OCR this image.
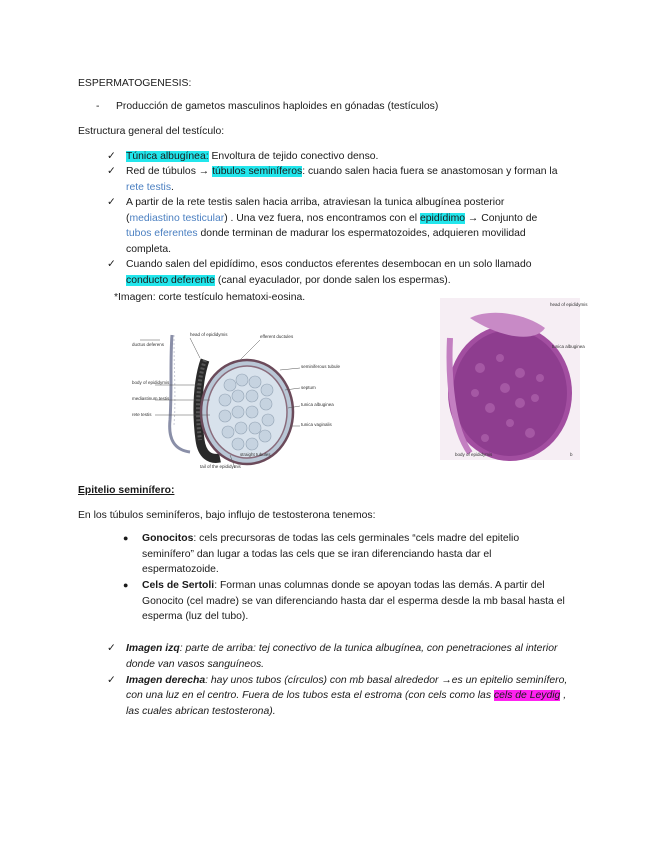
ESPERMATOGENESIS:
- Producción de gametos masculinos haploides en gónadas (testículos)
Estructura general del testículo:
✓ Túnica albugínea: Envoltura de tejido conectivo denso.
✓ Red de túbulos → túbulos seminíferos: cuando salen hacia fuera se anastomosan y forman la
rete testis.
✓ A partir de la rete testis salen hacia arriba, atraviesan la tunica albugínea posterior
(mediastino testicular) . Una vez fuera, nos encontramos con el epidídimo → Conjunto de
tubos eferentes donde terminan de madurar los espermatozoides, adquieren movilidad
completa.
✓ Cuando salen del epidídimo, esos conductos eferentes desembocan en un solo llamado
conducto deferente (canal eyaculador, por donde salen los espermas).
*Imagen: corte testículo hematoxi-eosina.
head of epididymis	efferent ductules
ductus deferens
seminiferous tubule
septum
body of epididymis
mediastinum testis
tunica albuginea
rete testis
tunica vaginalis
straight tubules
tail of the epididymis
head of epididymis
tunica albuginea
body of epididymis	b
Epitelio seminífero:
En los túbulos seminíferos, bajo influjo de testosterona tenemos:
● Gonocitos: cels precursoras de todas las cels germinales “cels madre del epitelio
seminífero” dan lugar a todas las cels que se iran diferenciando hasta dar el
espermatozoide.
● Cels de Sertoli: Forman unas columnas donde se apoyan todas las demás. A partir del
Gonocito (cel madre) se van diferenciando hasta dar el esperma desde la mb basal hasta el
esperma (luz del tubo).
✓ Imagen izq: parte de arriba: tej conectivo de la tunica albugínea, con penetraciones al interior
donde van vasos sanguíneos.
✓ Imagen derecha: hay unos tubos (círculos) con mb basal alrededor →es un epitelio seminífero,
con una luz en el centro. Fuera de los tubos esta el estroma (con cels como las cels de Leydig ,
las cuales abrican testosterona).
